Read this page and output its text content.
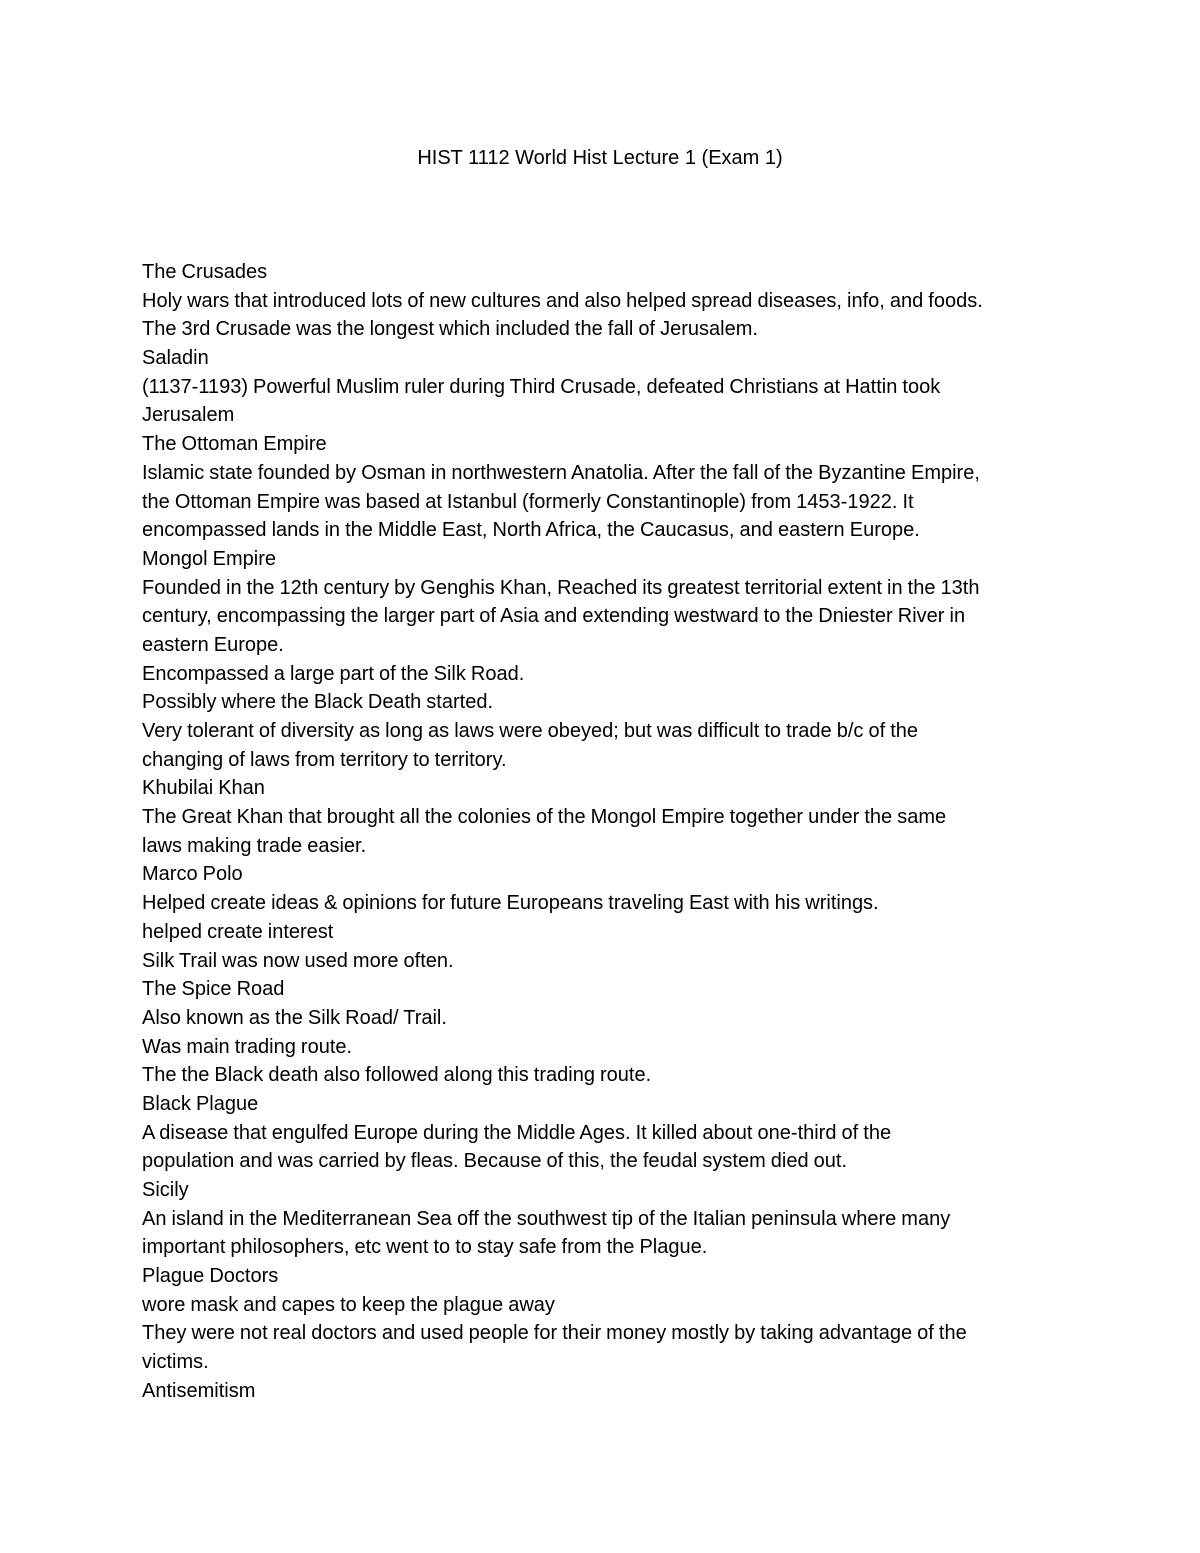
HIST 1112 World Hist Lecture 1 (Exam 1)
The Crusades
Holy wars that introduced lots of new cultures and also helped spread diseases, info, and foods.
The 3rd Crusade was the longest which included the fall of Jerusalem.
Saladin
(1137-1193) Powerful Muslim ruler during Third Crusade, defeated Christians at Hattin took
Jerusalem
The Ottoman Empire
Islamic state founded by Osman in northwestern Anatolia. After the fall of the Byzantine Empire,
the Ottoman Empire was based at Istanbul (formerly Constantinople) from 1453-1922. It
encompassed lands in the Middle East, North Africa, the Caucasus, and eastern Europe.
Mongol Empire
Founded in the 12th century by Genghis Khan, Reached its greatest territorial extent in the 13th
century, encompassing the larger part of Asia and extending westward to the Dniester River in
eastern Europe.
Encompassed a large part of the Silk Road.
Possibly where the Black Death started.
Very tolerant of diversity as long as laws were obeyed; but was difficult to trade b/c of the
changing of laws from territory to territory.
Khubilai Khan
The Great Khan that brought all the colonies of the Mongol Empire together under the same
laws making trade easier.
Marco Polo
Helped create ideas & opinions for future Europeans traveling East with his writings.
helped create interest
Silk Trail was now used more often.
The Spice Road
Also known as the Silk Road/ Trail.
Was main trading route.
The the Black death also followed along this trading route.
Black Plague
A disease that engulfed Europe during the Middle Ages. It killed about one-third of the
population and was carried by fleas. Because of this, the feudal system died out.
Sicily
An island in the Mediterranean Sea off the southwest tip of the Italian peninsula where many
important philosophers, etc went to to stay safe from the Plague.
Plague Doctors
wore mask and capes to keep the plague away
They were not real doctors and used people for their money mostly by taking advantage of the
victims.
Antisemitism
